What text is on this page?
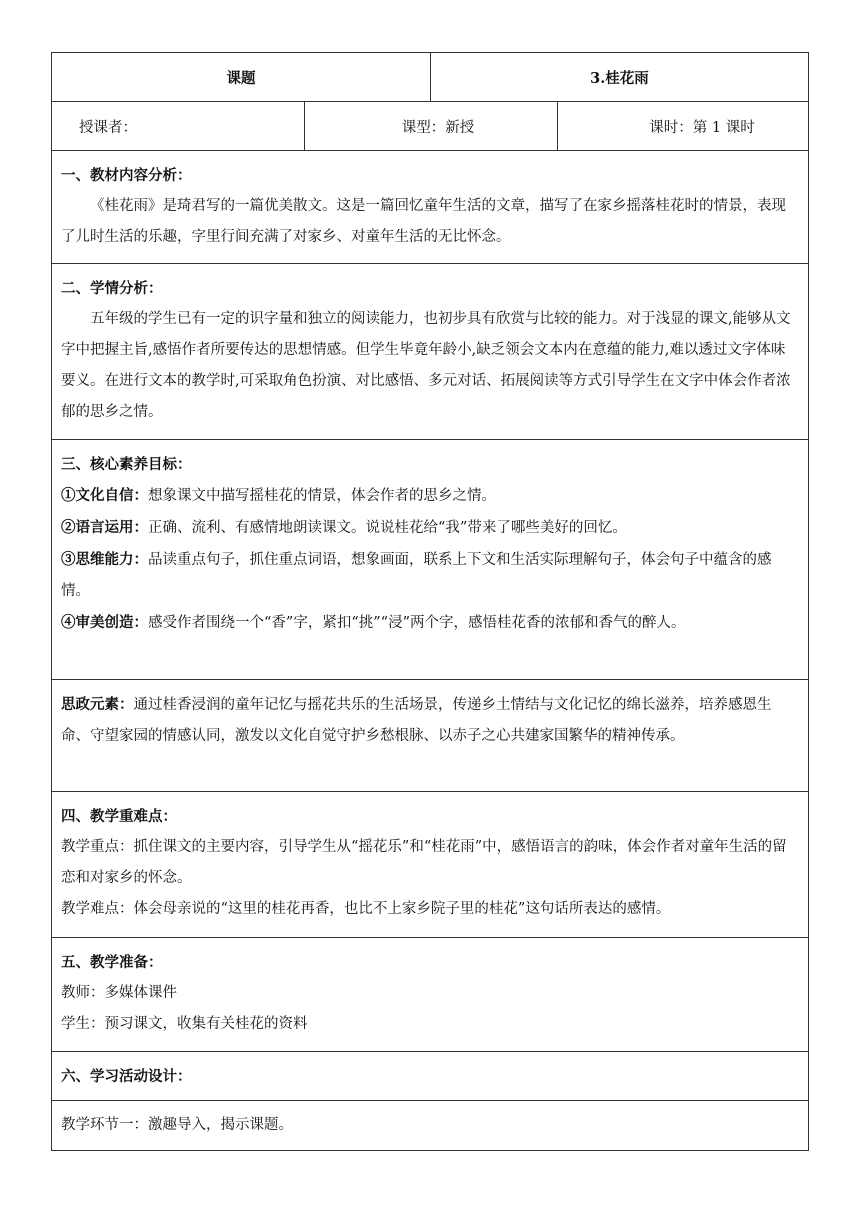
课题	3.桂花雨
授课者：	课型：新授	课时：第 1 课时

一、教材内容分析：

《桂花雨》是琦君写的一篇优美散文。这是一篇回忆童年生活的文章，描写了在家乡摇落桂花时的情景，表现了儿时生活的乐趣，字里行间充满了对家乡、对童年生活的无比怀念。

二、学情分析：

五年级的学生已有一定的识字量和独立的阅读能力，也初步具有欣赏与比较的能力。对于浅显的课文,能够从文字中把握主旨,感悟作者所要传达的思想情感。但学生毕竟年龄小,缺乏领会文本内在意蕴的能力,难以透过文字体味要义。在进行文本的教学时,可采取角色扮演、对比感悟、多元对话、拓展阅读等方式引导学生在文字中体会作者浓郁的思乡之情。

三、核心素养目标：

①文化自信：想象课文中描写摇桂花的情景，体会作者的思乡之情。

②语言运用：正确、流利、有感情地朗读课文。说说桂花给“我”带来了哪些美好的回忆。

③思维能力：品读重点句子，抓住重点词语，想象画面，联系上下文和生活实际理解句子，体会句子中蕴含的感情。

④审美创造：感受作者围绕一个“香”字，紧扣“挑”“浸”两个字，感悟桂花香的浓郁和香气的醉人。

思政元素：通过桂香浸润的童年记忆与摇花共乐的生活场景，传递乡土情结与文化记忆的绵长滋养，培养感恩生命、守望家园的情感认同，激发以文化自觉守护乡愁根脉、以赤子之心共建家国繁华的精神传承。

四、教学重难点：

教学重点：抓住课文的主要内容，引导学生从“摇花乐”和“桂花雨”中，感悟语言的韵味，体会作者对童年生活的留恋和对家乡的怀念。

教学难点：体会母亲说的“这里的桂花再香，也比不上家乡院子里的桂花”这句话所表达的感情。

五、教学准备：

教师：多媒体课件

学生：预习课文，收集有关桂花的资料

六、学习活动设计：

教学环节一：激趣导入，揭示课题。
